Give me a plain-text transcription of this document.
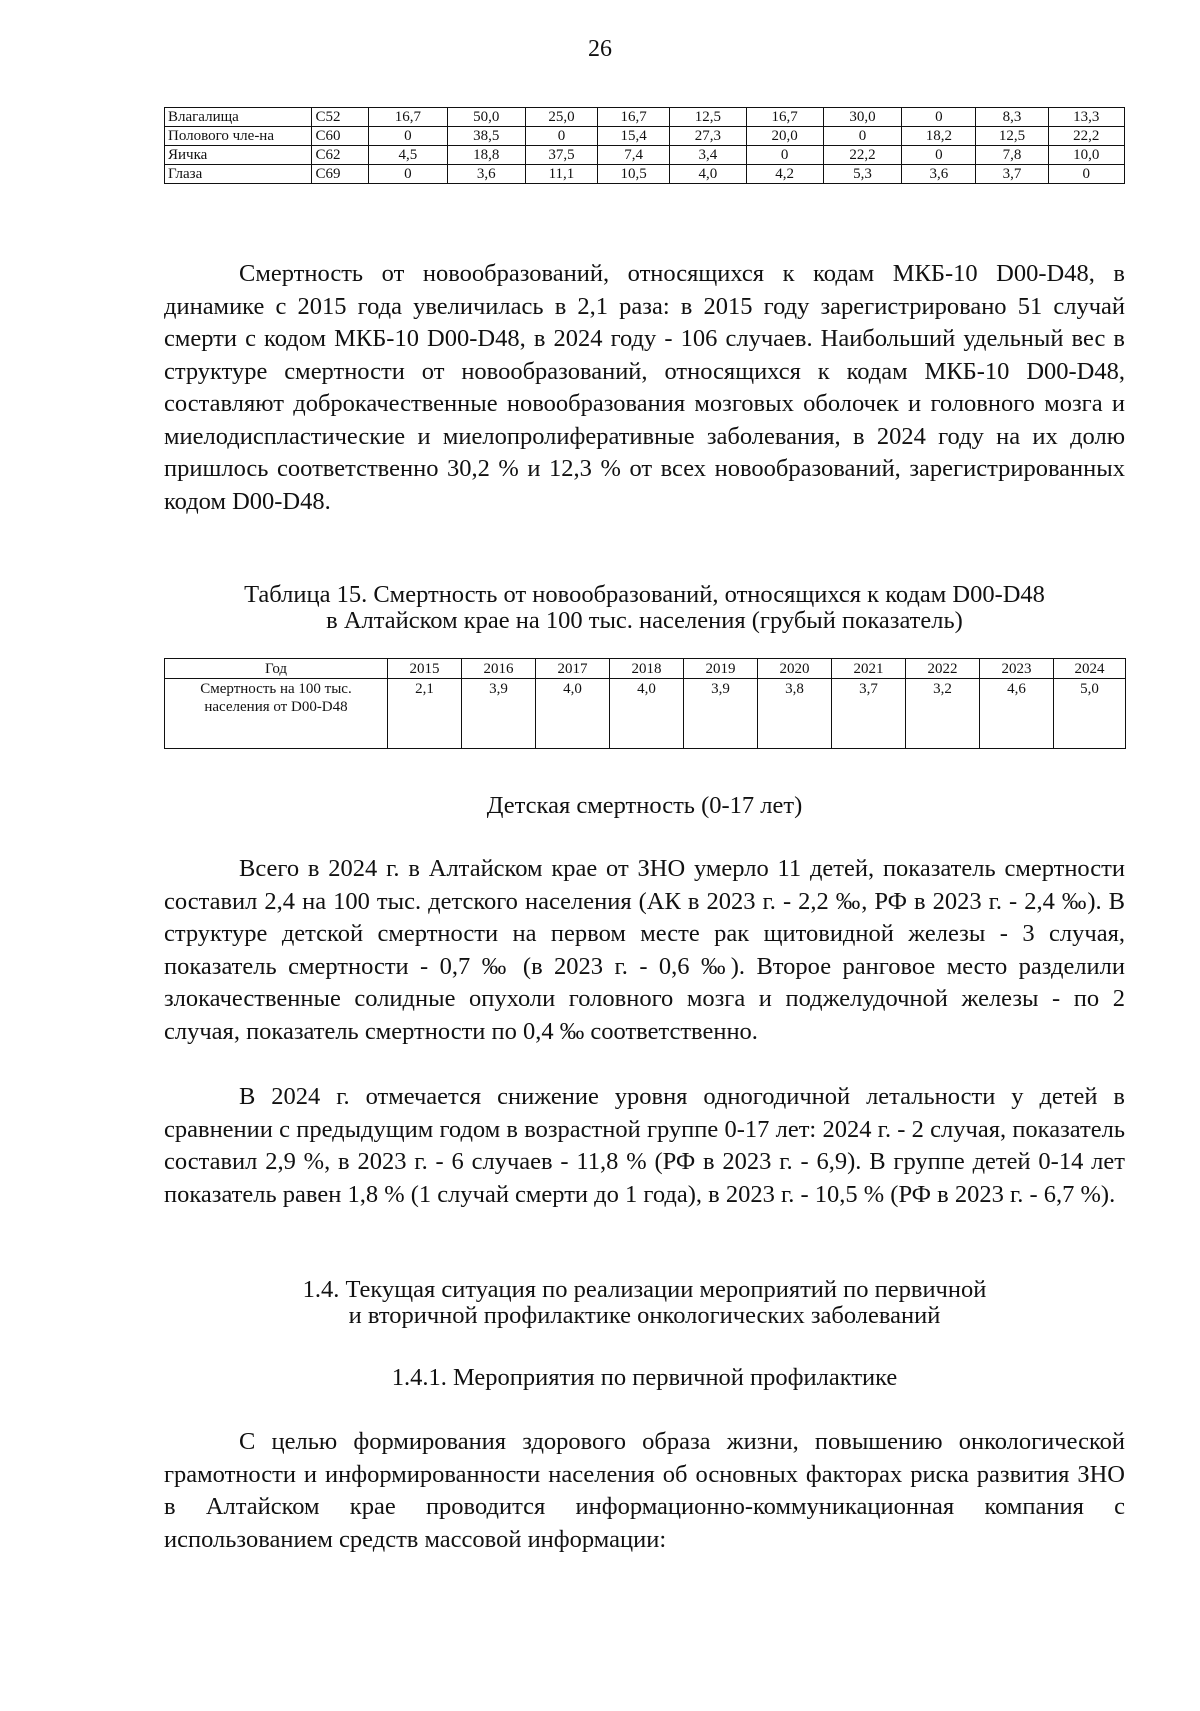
26
Влагалища	C52	16,7	50,0	25,0	16,7	12,5	16,7	30,0	0	8,3	13,3
Полового чле-на	C60	0	38,5	0	15,4	27,3	20,0	0	18,2	12,5	22,2
Яичка	C62	4,5	18,8	37,5	7,4	3,4	0	22,2	0	7,8	10,0
Глаза	C69	0	3,6	11,1	10,5	4,0	4,2	5,3	3,6	3,7	0

Смертность от новообразований, относящихся к кодам МКБ-10 D00-D48, в динамике с 2015 года увеличилась в 2,1 раза: в 2015 году зарегистрировано 51 случай смерти с кодом МКБ-10 D00-D48, в 2024 году - 106 случаев. Наибольший удельный вес в структуре смертности от новообразований, относящихся к кодам МКБ-10 D00-D48, составляют доброкачественные новообразования мозговых оболочек и головного мозга и миелодиспластические и миелопролиферативные заболевания, в 2024 году на их долю пришлось соответственно 30,2 % и 12,3 % от всех новообразований, зарегистрированных кодом D00-D48.

Таблица 15. Смертность от новообразований, относящихся к кодам D00-D48

в Алтайском крае на 100 тыс. населения (грубый показатель)

Год	2015	2016	2017	2018	2019	2020	2021	2022	2023	2024
Смертность на 100 тыс. населения от D00-D48	2,1	3,9	4,0	4,0	3,9	3,8	3,7	3,2	4,6	5,0

Детская смертность (0-17 лет)

Всего в 2024 г. в Алтайском крае от ЗНО умерло 11 детей, показатель смертности составил 2,4 на 100 тыс. детского населения (АК в 2023 г. - 2,2 ‰, РФ в 2023 г. - 2,4 ‰). В структуре детской смертности на первом месте рак щитовидной железы - 3 случая, показатель смертности - 0,7 ‰ (в 2023 г. - 0,6 ‰). Второе ранговое место разделили злокачественные солидные опухоли головного мозга и поджелудочной железы - по 2 случая, показатель смертности по 0,4 ‰ соответственно.

В 2024 г. отмечается снижение уровня одногодичной летальности у детей в сравнении с предыдущим годом в возрастной группе 0-17 лет: 2024 г. - 2 случая, показатель составил 2,9 %, в 2023 г. - 6 случаев - 11,8 % (РФ в 2023 г. - 6,9). В группе детей 0-14 лет показатель равен 1,8 % (1 случай смерти до 1 года), в 2023 г. - 10,5 % (РФ в 2023 г. - 6,7 %).

1.4. Текущая ситуация по реализации мероприятий по первичной

и вторичной профилактике онкологических заболеваний

1.4.1. Мероприятия по первичной профилактике

С целью формирования здорового образа жизни, повышению онкологической грамотности и информированности населения об основных факторах риска развития ЗНО в Алтайском крае проводится информационно-коммуникационная компания с использованием средств массовой информации:
